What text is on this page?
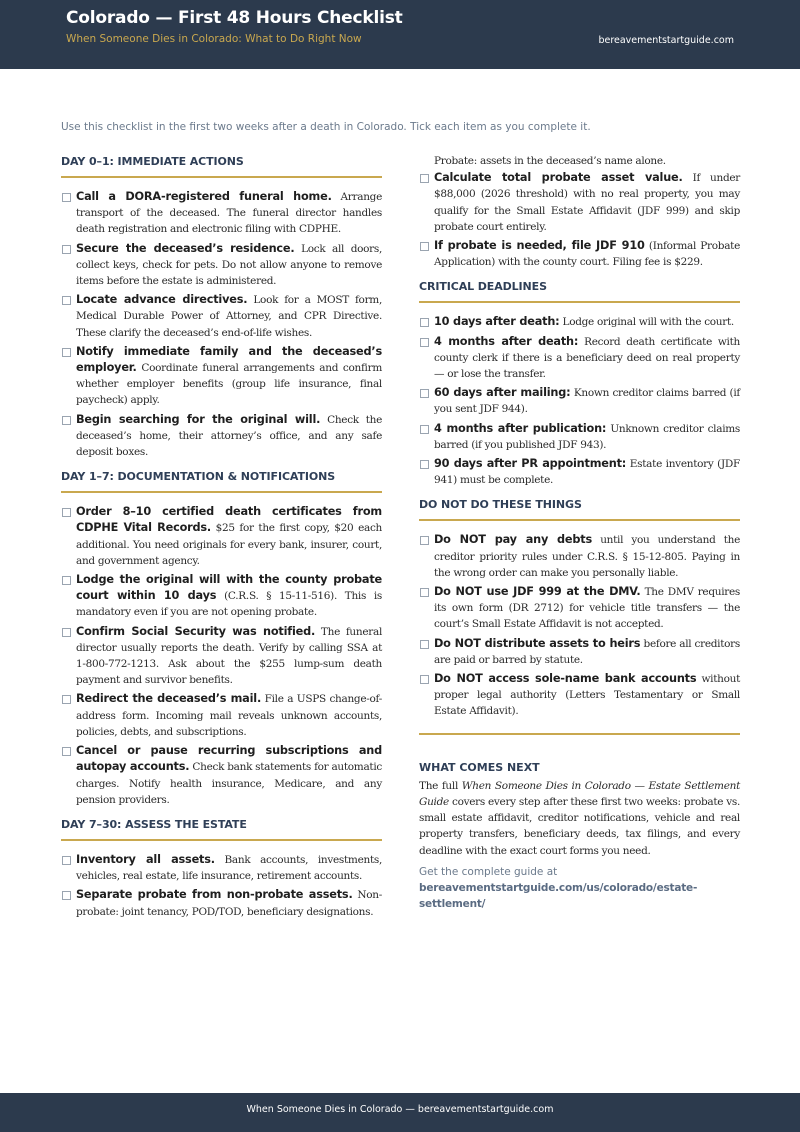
Colorado — First 48 Hours Checklist
When Someone Dies in Colorado: What to Do Right Now	bereavementstartguide.com
Use this checklist in the first two weeks after a death in Colorado. Tick each item as you complete it.
DAY 0–1: IMMEDIATE ACTIONS
Call a DORA-registered funeral home. Arrange transport of the deceased. The funeral director handles death registration and electronic filing with CDPHE.
Secure the deceased’s residence. Lock all doors, collect keys, check for pets. Do not allow anyone to remove items before the estate is administered.
Locate advance directives. Look for a MOST form, Medical Durable Power of Attorney, and CPR Directive. These clarify the deceased’s end-of-life wishes.
Notify immediate family and the deceased’s employer. Coordinate funeral arrangements and confirm whether employer benefits (group life insurance, final paycheck) apply.
Begin searching for the original will. Check the deceased’s home, their attorney’s office, and any safe deposit boxes.
DAY 1–7: DOCUMENTATION & NOTIFICATIONS
Order 8–10 certified death certificates from CDPHE Vital Records. $25 for the first copy, $20 each additional. You need originals for every bank, insurer, court, and government agency.
Lodge the original will with the county probate court within 10 days (C.R.S. § 15-11-516). This is mandatory even if you are not opening probate.
Confirm Social Security was notified. The funeral director usually reports the death. Verify by calling SSA at 1-800-772-1213. Ask about the $255 lump-sum death payment and survivor benefits.
Redirect the deceased’s mail. File a USPS change-of-address form. Incoming mail reveals unknown accounts, policies, debts, and subscriptions.
Cancel or pause recurring subscriptions and autopay accounts. Check bank statements for automatic charges. Notify health insurance, Medicare, and any pension providers.
DAY 7–30: ASSESS THE ESTATE
Inventory all assets. Bank accounts, investments, vehicles, real estate, life insurance, retirement accounts.
Separate probate from non-probate assets. Non-probate: joint tenancy, POD/TOD, beneficiary designations.
Probate: assets in the deceased’s name alone.
Calculate total probate asset value. If under $88,000 (2026 threshold) with no real property, you may qualify for the Small Estate Affidavit (JDF 999) and skip probate court entirely.
If probate is needed, file JDF 910 (Informal Probate Application) with the county court. Filing fee is $229.
CRITICAL DEADLINES
10 days after death: Lodge original will with the court.
4 months after death: Record death certificate with county clerk if there is a beneficiary deed on real property — or lose the transfer.
60 days after mailing: Known creditor claims barred (if you sent JDF 944).
4 months after publication: Unknown creditor claims barred (if you published JDF 943).
90 days after PR appointment: Estate inventory (JDF 941) must be complete.
DO NOT DO THESE THINGS
Do NOT pay any debts until you understand the creditor priority rules under C.R.S. § 15-12-805. Paying in the wrong order can make you personally liable.
Do NOT use JDF 999 at the DMV. The DMV requires its own form (DR 2712) for vehicle title transfers — the court’s Small Estate Affidavit is not accepted.
Do NOT distribute assets to heirs before all creditors are paid or barred by statute.
Do NOT access sole-name bank accounts without proper legal authority (Letters Testamentary or Small Estate Affidavit).
WHAT COMES NEXT
The full When Someone Dies in Colorado — Estate Settlement Guide covers every step after these first two weeks: probate vs. small estate affidavit, creditor notifications, vehicle and real property transfers, beneficiary deeds, tax filings, and every deadline with the exact court forms you need.
Get the complete guide at
bereavementstartguide.com/us/colorado/estate-settlement/
When Someone Dies in Colorado — bereavementstartguide.com
